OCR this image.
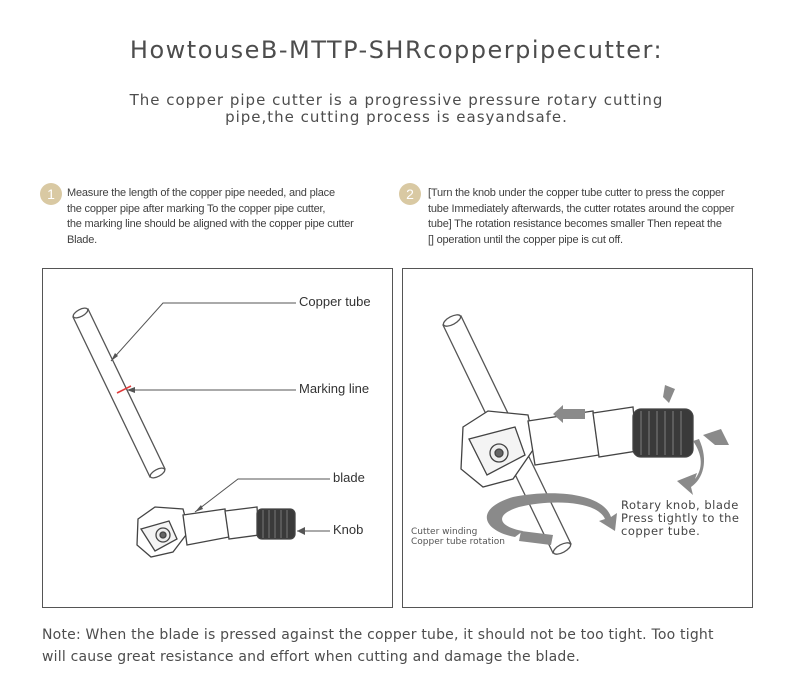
HowtouseB-MTTP-SHRcopperpipecutter:
The copper pipe cutter is a progressive pressure rotary cutting
pipe,the cutting process is easyandsafe.
1	Measure the length of the copper pipe needed, and place
the copper pipe after marking To the copper pipe cutter,
the marking line should be aligned with the copper pipe cutter
Blade.
2	[Turn the knob under the copper tube cutter to press the copper
tube Immediately afterwards, the cutter rotates around the copper
tube] The rotation resistance becomes smaller Then repeat the
[] operation until the copper pipe is cut off.
Copper tube
Marking line
blade
Knob	Cutter winding
Copper tube rotation
Rotary knob, blade
Press tightly to the
copper tube.
Note: When the blade is pressed against the copper tube, it should not be too tight. Too tight
will cause great resistance and effort when cutting and damage the blade.
